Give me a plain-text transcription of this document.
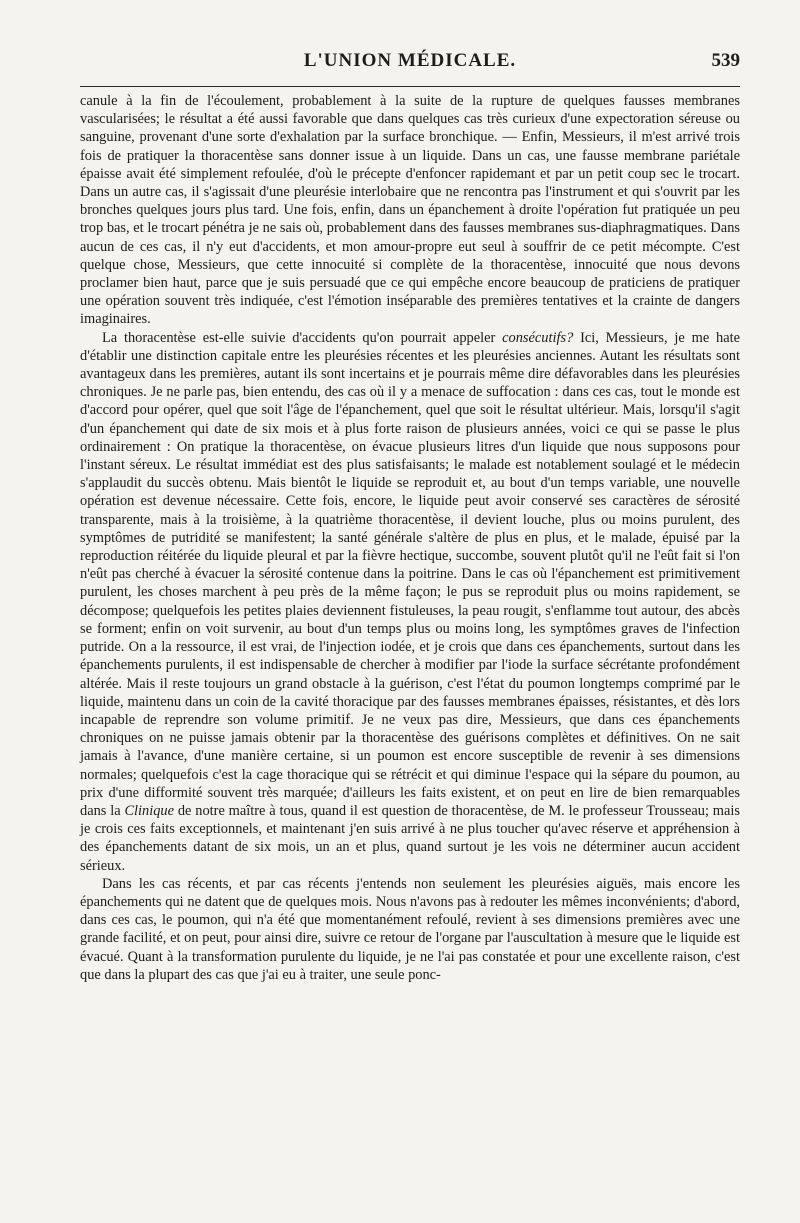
L'UNION MÉDICALE.	539

canule à la fin de l'écoulement, probablement à la suite de la rupture de quelques fausses membranes vascularisées; le résultat a été aussi favorable que dans quelques cas très curieux d'une expectoration séreuse ou sanguine, provenant d'une sorte d'exhalation par la surface bronchique. — Enfin, Messieurs, il m'est arrivé trois fois de pratiquer la thoracentèse sans donner issue à un liquide. Dans un cas, une fausse membrane pariétale épaisse avait été simplement refoulée, d'où le précepte d'enfoncer rapidemant et par un petit coup sec le trocart. Dans un autre cas, il s'agissait d'une pleurésie interlobaire que ne rencontra pas l'instrument et qui s'ouvrit par les bronches quelques jours plus tard. Une fois, enfin, dans un épanchement à droite l'opération fut pratiquée un peu trop bas, et le trocart pénétra je ne sais où, probablement dans des fausses membranes sus-diaphragmatiques. Dans aucun de ces cas, il n'y eut d'accidents, et mon amour-propre eut seul à souffrir de ce petit mécompte. C'est quelque chose, Messieurs, que cette innocuité si complète de la thoracentèse, innocuité que nous devons proclamer bien haut, parce que je suis persuadé que ce qui empêche encore beaucoup de praticiens de pratiquer une opération souvent très indiquée, c'est l'émotion inséparable des premières tentatives et la crainte de dangers imaginaires.

La thoracentèse est-elle suivie d'accidents qu'on pourrait appeler consécutifs? Ici, Messieurs, je me hate d'établir une distinction capitale entre les pleurésies récentes et les pleurésies anciennes. Autant les résultats sont avantageux dans les premières, autant ils sont incertains et je pourrais même dire défavorables dans les pleurésies chroniques. Je ne parle pas, bien entendu, des cas où il y a menace de suffocation : dans ces cas, tout le monde est d'accord pour opérer, quel que soit l'âge de l'épanchement, quel que soit le résultat ultérieur. Mais, lorsqu'il s'agit d'un épanchement qui date de six mois et à plus forte raison de plusieurs années, voici ce qui se passe le plus ordinairement : On pratique la thoracentèse, on évacue plusieurs litres d'un liquide que nous supposons pour l'instant séreux. Le résultat immédiat est des plus satisfaisants; le malade est notablement soulagé et le médecin s'applaudit du succès obtenu. Mais bientôt le liquide se reproduit et, au bout d'un temps variable, une nouvelle opération est devenue nécessaire. Cette fois, encore, le liquide peut avoir conservé ses caractères de sérosité transparente, mais à la troisième, à la quatrième thoracentèse, il devient louche, plus ou moins purulent, des symptômes de putridité se manifestent; la santé générale s'altère de plus en plus, et le malade, épuisé par la reproduction réitérée du liquide pleural et par la fièvre hectique, succombe, souvent plutôt qu'il ne l'eût fait si l'on n'eût pas cherché à évacuer la sérosité contenue dans la poitrine. Dans le cas où l'épanchement est primitivement purulent, les choses marchent à peu près de la même façon; le pus se reproduit plus ou moins rapidement, se décompose; quelquefois les petites plaies deviennent fistuleuses, la peau rougit, s'enflamme tout autour, des abcès se forment; enfin on voit survenir, au bout d'un temps plus ou moins long, les symptômes graves de l'infection putride. On a la ressource, il est vrai, de l'injection iodée, et je crois que dans ces épanchements, surtout dans les épanchements purulents, il est indispensable de chercher à modifier par l'iode la surface sécrétante profondément altérée. Mais il reste toujours un grand obstacle à la guérison, c'est l'état du poumon longtemps comprimé par le liquide, maintenu dans un coin de la cavité thoracique par des fausses membranes épaisses, résistantes, et dès lors incapable de reprendre son volume primitif. Je ne veux pas dire, Messieurs, que dans ces épanchements chroniques on ne puisse jamais obtenir par la thoracentèse des guérisons complètes et définitives. On ne sait jamais à l'avance, d'une manière certaine, si un poumon est encore susceptible de revenir à ses dimensions normales; quelquefois c'est la cage thoracique qui se rétrécit et qui diminue l'espace qui la sépare du poumon, au prix d'une difformité souvent très marquée; d'ailleurs les faits existent, et on peut en lire de bien remarquables dans la Clinique de notre maître à tous, quand il est question de thoracentèse, de M. le professeur Trousseau; mais je crois ces faits exceptionnels, et maintenant j'en suis arrivé à ne plus toucher qu'avec réserve et appréhension à des épanchements datant de six mois, un an et plus, quand surtout je les vois ne déterminer aucun accident sérieux.

Dans les cas récents, et par cas récents j'entends non seulement les pleurésies aiguës, mais encore les épanchements qui ne datent que de quelques mois. Nous n'avons pas à redouter les mêmes inconvénients; d'abord, dans ces cas, le poumon, qui n'a été que momentanément refoulé, revient à ses dimensions premières avec une grande facilité, et on peut, pour ainsi dire, suivre ce retour de l'organe par l'auscultation à mesure que le liquide est évacué. Quant à la transformation purulente du liquide, je ne l'ai pas constatée et pour une excellente raison, c'est que dans la plupart des cas que j'ai eu à traiter, une seule ponc-
